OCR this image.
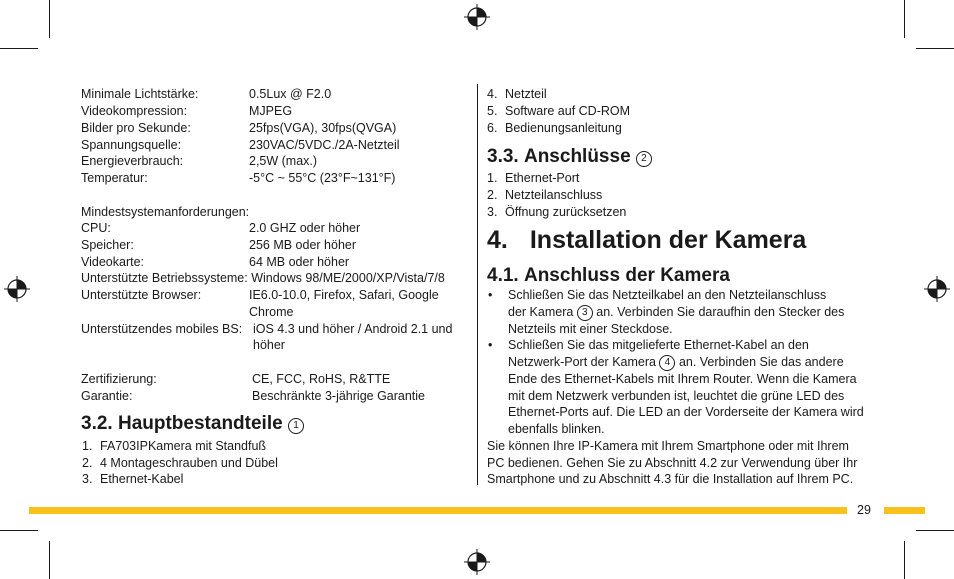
Minimale Lichtstärke:	0.5Lux @ F2.0
Videokompression:	MJPEG
Bilder pro Sekunde:	25fps(VGA), 30fps(QVGA)
Spannungsquelle:	230VAC/5VDC./2A-Netzteil
Energieverbrauch:	2,5W (max.)
Temperatur:	-5°C ~ 55°C (23°F~131°F)
Mindestsystemanforderungen:
CPU:	2.0 GHZ oder höher
Speicher:	256 MB oder höher
Videokarte:	64 MB oder höher
Unterstützte Betriebssysteme: Windows 98/ME/2000/XP/Vista/7/8
Unterstützte Browser:	IE6.0-10.0, Firefox, Safari, Google
Chrome
Unterstützendes mobiles BS: iOS 4.3 und höher / Android 2.1 und
höher
Zertifizierung:	CE, FCC, RoHS, R&TTE
Garantie:	Beschränkte 3-jährige Garantie
3.2. Hauptbestandteile 1
1. FA703IPKamera mit Standfuß
2. 4 Montageschrauben und Dübel
3. Ethernet-Kabel
4. Netzteil
5. Software auf CD-ROM
6. Bedienungsanleitung
3.3. Anschlüsse 2
1. Ethernet-Port
2. Netzteilanschluss
3. Öffnung zurücksetzen
4. Installation der Kamera
4.1. Anschluss der Kamera
• Schließen Sie das Netzteilkabel an den Netzteilanschluss
der Kamera 3 an. Verbinden Sie daraufhin den Stecker des
Netzteils mit einer Steckdose.
• Schließen Sie das mitgelieferte Ethernet-Kabel an den
Netzwerk-Port der Kamera 4 an. Verbinden Sie das andere
Ende des Ethernet-Kabels mit Ihrem Router. Wenn die Kamera
mit dem Netzwerk verbunden ist, leuchtet die grüne LED des
Ethernet-Ports auf. Die LED an der Vorderseite der Kamera wird
ebenfalls blinken.
Sie können Ihre IP-Kamera mit Ihrem Smartphone oder mit Ihrem
PC bedienen. Gehen Sie zu Abschnitt 4.2 zur Verwendung über Ihr
Smartphone und zu Abschnitt 4.3 für die Installation auf Ihrem PC.
29
